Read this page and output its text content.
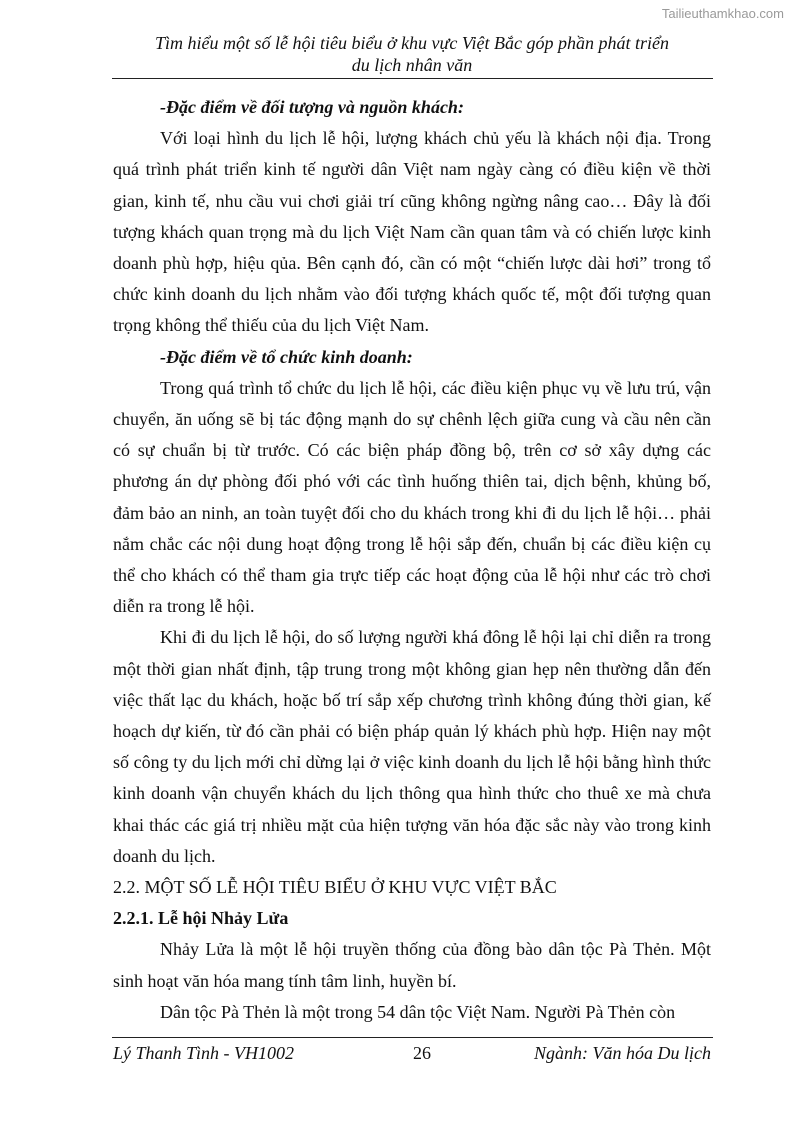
Tailieuthamkhao.com
Tìm hiểu một số lễ hội tiêu biểu ở khu vực Việt Bắc góp phần phát triển
du lịch nhân văn

-Đặc điểm về đối tượng và nguồn khách:

Với loại hình du lịch lễ hội, lượng khách chủ yếu là khách nội địa. Trong quá trình phát triển kinh tế người dân Việt nam ngày càng có điều kiện về thời gian, kinh tế, nhu cầu vui chơi giải trí cũng không ngừng nâng cao… Đây là đối tượng khách quan trọng mà du lịch Việt Nam cần quan tâm và có chiến lược kinh doanh phù hợp, hiệu qủa. Bên cạnh đó, cần có một “chiến lược dài hơi” trong tổ chức kinh doanh du lịch nhằm vào đối tượng khách quốc tế, một đối tượng quan trọng không thể thiếu của du lịch Việt Nam.

-Đặc điểm về tổ chức kinh doanh:

Trong quá trình tổ chức du lịch lễ hội, các điều kiện phục vụ về lưu trú, vận chuyển, ăn uống sẽ bị tác động mạnh do sự chênh lệch giữa cung và cầu nên cần có sự chuẩn bị từ trước. Có các biện pháp đồng bộ, trên cơ sở xây dựng các phương án dự phòng đối phó với các tình huống thiên tai, dịch bệnh, khủng bố, đảm bảo an ninh, an toàn tuyệt đối cho du khách trong khi đi du lịch lễ hội… phải nắm chắc các nội dung hoạt động trong lễ hội sắp đến, chuẩn bị các điều kiện cụ thể cho khách có thể tham gia trực tiếp các hoạt động của lễ hội như các trò chơi diễn ra trong lễ hội.

Khi đi du lịch lễ hội, do số lượng người khá đông lễ hội lại chỉ diễn ra trong một thời gian nhất định, tập trung trong một không gian hẹp nên thường dẫn đến việc thất lạc du khách, hoặc bố trí sắp xếp chương trình không đúng thời gian, kế hoạch dự kiến, từ đó cần phải có biện pháp quản lý khách phù hợp. Hiện nay một số công ty du lịch mới chỉ dừng lại ở việc kinh doanh du lịch lễ hội bằng hình thức kinh doanh vận chuyển khách du lịch thông qua hình thức cho thuê xe mà chưa khai thác các giá trị nhiều mặt của hiện tượng văn hóa đặc sắc này vào trong kinh doanh du lịch.

2.2. MỘT SỐ LỄ HỘI TIÊU BIỂU Ở KHU VỰC VIỆT BẮC

2.2.1. Lễ hội Nhảy Lửa

Nhảy Lửa là một lễ hội truyền thống của đồng bào dân tộc Pà Thẻn. Một sinh hoạt văn hóa mang tính tâm linh, huyền bí.

Dân tộc Pà Thẻn là một trong 54 dân tộc Việt Nam. Người Pà Thẻn còn

Lý Thanh Tình - VH1002	26	Ngành: Văn hóa Du lịch
